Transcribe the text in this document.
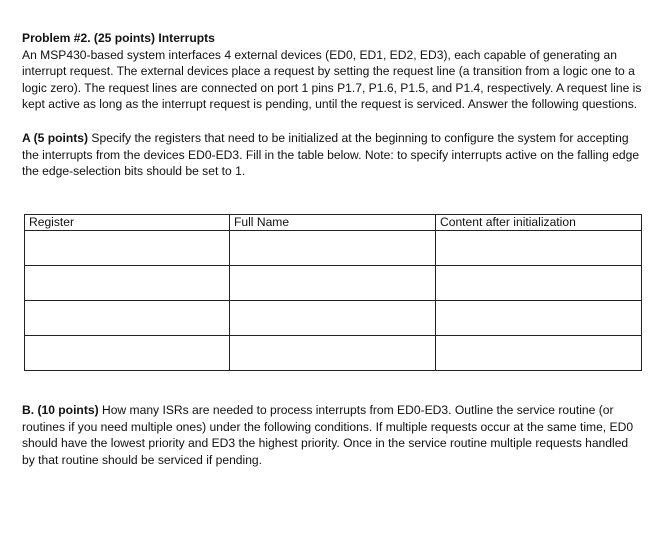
Problem #2. (25 points) Interrupts

An MSP430-based system interfaces 4 external devices (ED0, ED1, ED2, ED3), each capable of generating an interrupt request. The external devices place a request by setting the request line (a transition from a logic one to a logic zero). The request lines are connected on port 1 pins P1.7, P1.6, P1.5, and P1.4, respectively. A request line is kept active as long as the interrupt request is pending, until the request is serviced. Answer the following questions.

A (5 points) Specify the registers that need to be initialized at the beginning to configure the system for accepting the interrupts from the devices ED0-ED3. Fill in the table below. Note: to specify interrupts active on the falling edge the edge-selection bits should be set to 1.

Register	Full Name	Content after initialization

B. (10 points) How many ISRs are needed to process interrupts from ED0-ED3. Outline the service routine (or routines if you need multiple ones) under the following conditions. If multiple requests occur at the same time, ED0 should have the lowest priority and ED3 the highest priority. Once in the service routine multiple requests handled by that routine should be serviced if pending.
